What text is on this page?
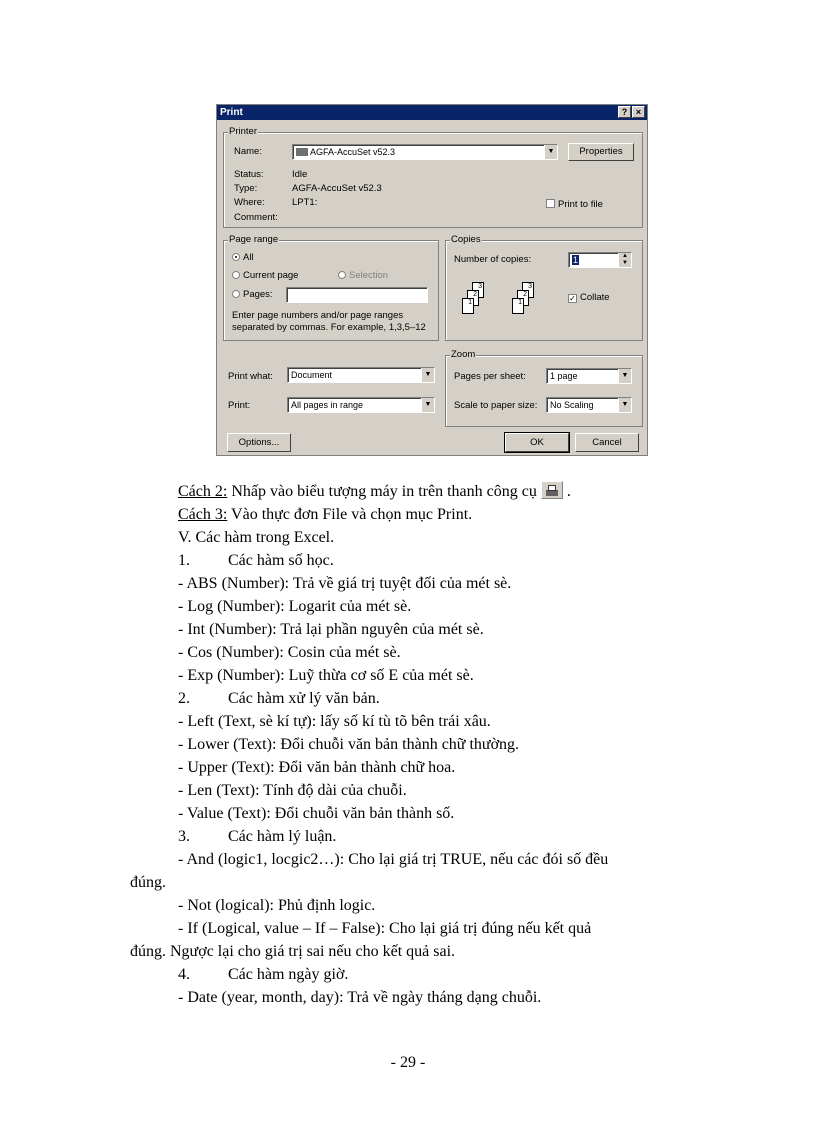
Print	? ×
Printer
Name:	AGFA-AccuSet v52.3	▼	Properties
Status:	Idle
Type:	AGFA-AccuSet v52.3
Where:	LPT1:
Comment:
Print to file
Page range
All
Current page	Selection
Pages:
Enter page numbers and/or page ranges
separated by commas. For example, 1,3,5–12
Copies
Number of copies:	1	▲
▼
3
2
1
3
2
1	✓ Collate
Print what:	Document	▼
Print:	All pages in range	▼
Zoom
Pages per sheet:	1 page	▼
Scale to paper size:	No Scaling	▼
Options...	OK	Cancel
Cách 2: Nhấp vào biểu tượng máy in trên thanh công cụ
.
Cách 3: Vào thực đơn File và chọn mục Print.
V. Các hàm trong Excel.
1. Các hàm số học.
- ABS (Number): Trả về giá trị tuyệt đối của mét sè.
- Log (Number): Logarit của mét sè.
- Int (Number): Trả lại phần nguyên của mét sè.
- Cos (Number): Cosin của mét sè.
- Exp (Number): Luỹ thừa cơ số E của mét sè.
2. Các hàm xử lý văn bản.
- Left (Text, sè kí tự): lấy số kí tù tõ bên trái xâu.
- Lower (Text): Đổi chuỗi văn bản thành chữ thường.
- Upper (Text): Đổi văn bản thành chữ hoa.
- Len (Text): Tính độ dài của chuỗi.
- Value (Text): Đổi chuỗi văn bản thành số.
3. Các hàm lý luận.
- And (logic1, locgic2…): Cho lại giá trị TRUE, nếu các đói số đều
đúng.
- Not (logical): Phủ định logic.
- If (Logical, value – If – False): Cho lại giá trị đúng nếu kết quả
đúng. Ngược lại cho giá trị sai nếu cho kết quả sai.
4. Các hàm ngày giờ.
- Date (year, month, day): Trả về ngày tháng dạng chuỗi.
- 29 -
